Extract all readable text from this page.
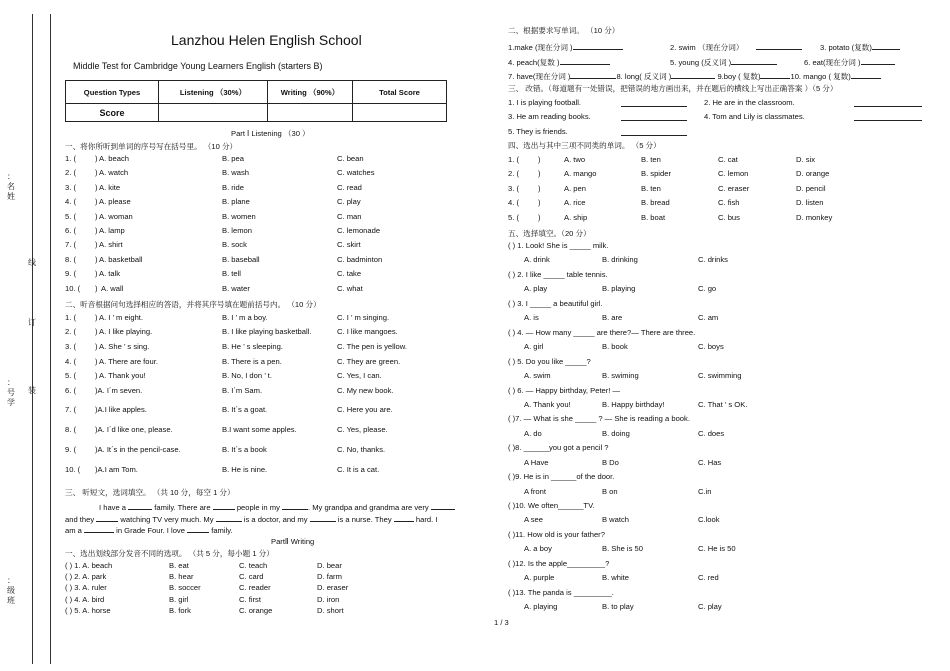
：
名
姓
线
订
：
号
学
装
：
级
班
Lanzhou Helen English School
Middle Test for Cambridge Young Learners English (starters B)
Question Types	Listening （30%）	Writing （90%）	Total Score
Score			
Part Ⅰ Listening （30 ）
一、将你所听到单词的序号写在括号里。 （10 分）
1. (	) A. beach	B. pea	C. bean
2. (	) A. watch	B. wash	C. watches
3. (	) A. kite	B. ride	C. read
4. (	) A. please	B. plane	C. play
5. (	) A. woman	B. women	C. man
6. (	) A. lamp	B. lemon	C. lemonade
7. (	) A. shirt	B. sock	C. skirt
8. (	) A. basketball	B. baseball	C. badminton
9. (	) A. talk	B. tell	C. take
10. ( ) A. wall	B. water	C. what
二、听音根据问句选择相应的答语，并将其序号填在题前括号内。 （10 分）
1. (	) A. I ’ m eight.	B. I ’ m a boy.	C. I ’ m singing.
2. (	) A. I like playing.	B. I like playing basketball.	C. I like mangoes.
3. (	) A. She ’ s sing.	B. He ’ s sleeping.	C. The pen is yellow.
4. (	) A. There are four.	B. There is a pen.	C. They are green.
5. (	) A. Thank you!	B. No, I don ’ t.	C. Yes, I can.
6. (	)A. I΄m seven.	B. I΄m Sam.	C. My new book.
7. (	)A.I like apples.	B. It΄s a goat.	C. Here you are.
8. (	)A. I΄d like one, please.	B.I want some apples.	C. Yes, please.
9. (	)A. It΄s in the pencil-case.	B. It΄s a book	C. No, thanks.
10. ( )A.I am Tom.	B. He is nine.	C. It is a cat.
三、 听短文，选词填空。 （共 10 分，每空 1 分）
I have a	family. There are	people in my	. My grandpa and grandma are very
and they	watching TV very much. My	is a doctor, and my	is a nurse. They	hard. I
am a	in Grade Four. I love	family.
PartⅡ Writing
一、选出划线部分发音不同的选项。 （共 5 分，每小题 1 分）
( ) 1. A. beach	B. eat	C. teach	D. bear
( ) 2. A. park	B. hear	C. card	D. farm
( ) 3. A. ruler	B. soccer	C. reader	D. eraser
( ) 4. A. bird	B. girl	C. first	D. iron
( ) 5. A. horse	B. fork	C. orange	D. short
二、根据要求写单词。 （10 分）
1.make (现在分词 )	2. swim （现在分词）	3. potato (复数)
4. peach(复数 )	5. young (反义词 )	6. eat(现在分词 )
7. have(现在分词 )	8. long( 反义词 )	9.boy ( 复数)	10. mango ( 复数)
三、 改错。（每道题有一处错误，把错误的地方画出来，并在题后的横线上写出正确答案 ）（5 分）
1. I is playing football.	2. He are in the classroom.
3. He am reading books.	4. Tom and Lily is classmates.
5. They is friends.
四、选出与其中三项不同类的单词。 （5 分）
1. (	)	A. two	B. ten	C. cat	D. six
2. (	)	A. mango	B. spider	C. lemon	D. orange
3. (	)	A. pen	B. ten	C. eraser	D. pencil
4. (	)	A. rice	B. bread	C. fish	D. listen
5. (	)	A. ship	B. boat	C. bus	D. monkey
五、选择填空。（20 分）
( ) 1. Look! She is _____ milk.
A. drink	B. drinking	C. drinks
( ) 2. I like _____ table tennis.
A. play	B. playing	C. go
( ) 3. I _____ a beautiful girl.
A. is	B. are	C. am
( ) 4. — How many _____ are there?— There are three.
A. girl	B. book	C. boys
( ) 5. Do you like _____?
A. swim	B. swiming	C. swimming
( ) 6. — Happy birthday, Peter! —
A. Thank you!	B. Happy birthday!	C. That ’ s OK.
( )7. — What is she _____ ? — She is reading a book.
A. do	B. doing	C. does
( )8. ______you got a pencil ?
A Have	B Do	C. Has
( )9. He is in ______of the door.
A front	B on	C.in
( )10. We often______TV.
A see	B watch	C.look
( )11. How old is your father?
A. a boy	B. She is 50	C. He is 50
( )12. Is the apple_________?
A. purple	B. white	C. red
( )13. The panda is _________.
A. playing	B. to play	C. play
1 / 3
